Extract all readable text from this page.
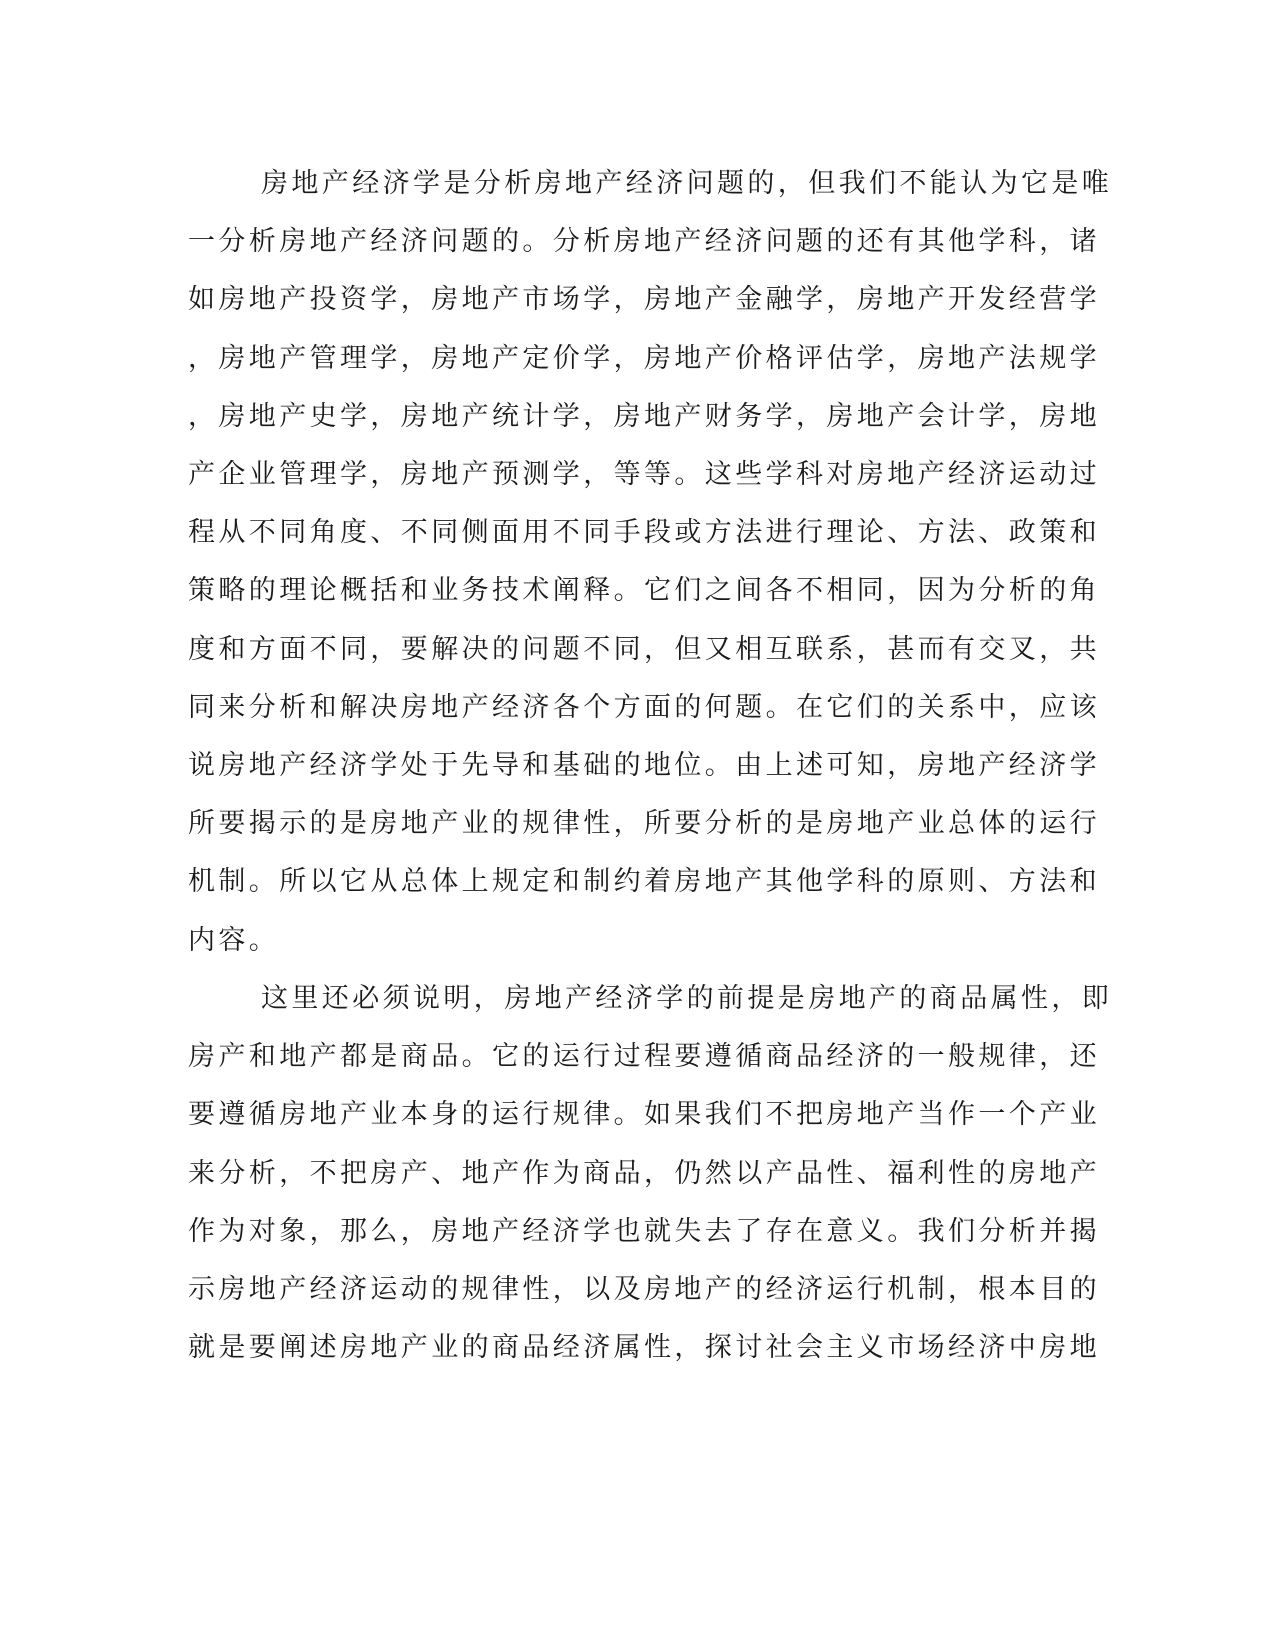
房地产经济学是分析房地产经济问题的，但我们不能认为它是唯
一分析房地产经济问题的。分析房地产经济问题的还有其他学科，诸
如房地产投资学，房地产市场学，房地产金融学，房地产开发经营学
，房地产管理学，房地产定价学，房地产价格评估学，房地产法规学
，房地产史学，房地产统计学，房地产财务学，房地产会计学，房地
产企业管理学，房地产预测学，等等。这些学科对房地产经济运动过
程从不同角度、不同侧面用不同手段或方法进行理论、方法、政策和
策略的理论概括和业务技术阐释。它们之间各不相同，因为分析的角
度和方面不同，要解决的问题不同，但又相互联系，甚而有交叉，共
同来分析和解决房地产经济各个方面的何题。在它们的关系中，应该
说房地产经济学处于先导和基础的地位。由上述可知，房地产经济学
所要揭示的是房地产业的规律性，所要分析的是房地产业总体的运行
机制。所以它从总体上规定和制约着房地产其他学科的原则、方法和
内容。
这里还必须说明，房地产经济学的前提是房地产的商品属性，即
房产和地产都是商品。它的运行过程要遵循商品经济的一般规律，还
要遵循房地产业本身的运行规律。如果我们不把房地产当作一个产业
来分析，不把房产、地产作为商品，仍然以产品性、福利性的房地产
作为对象，那么，房地产经济学也就失去了存在意义。我们分析并揭
示房地产经济运动的规律性，以及房地产的经济运行机制，根本目的
就是要阐述房地产业的商品经济属性，探讨社会主义市场经济中房地
